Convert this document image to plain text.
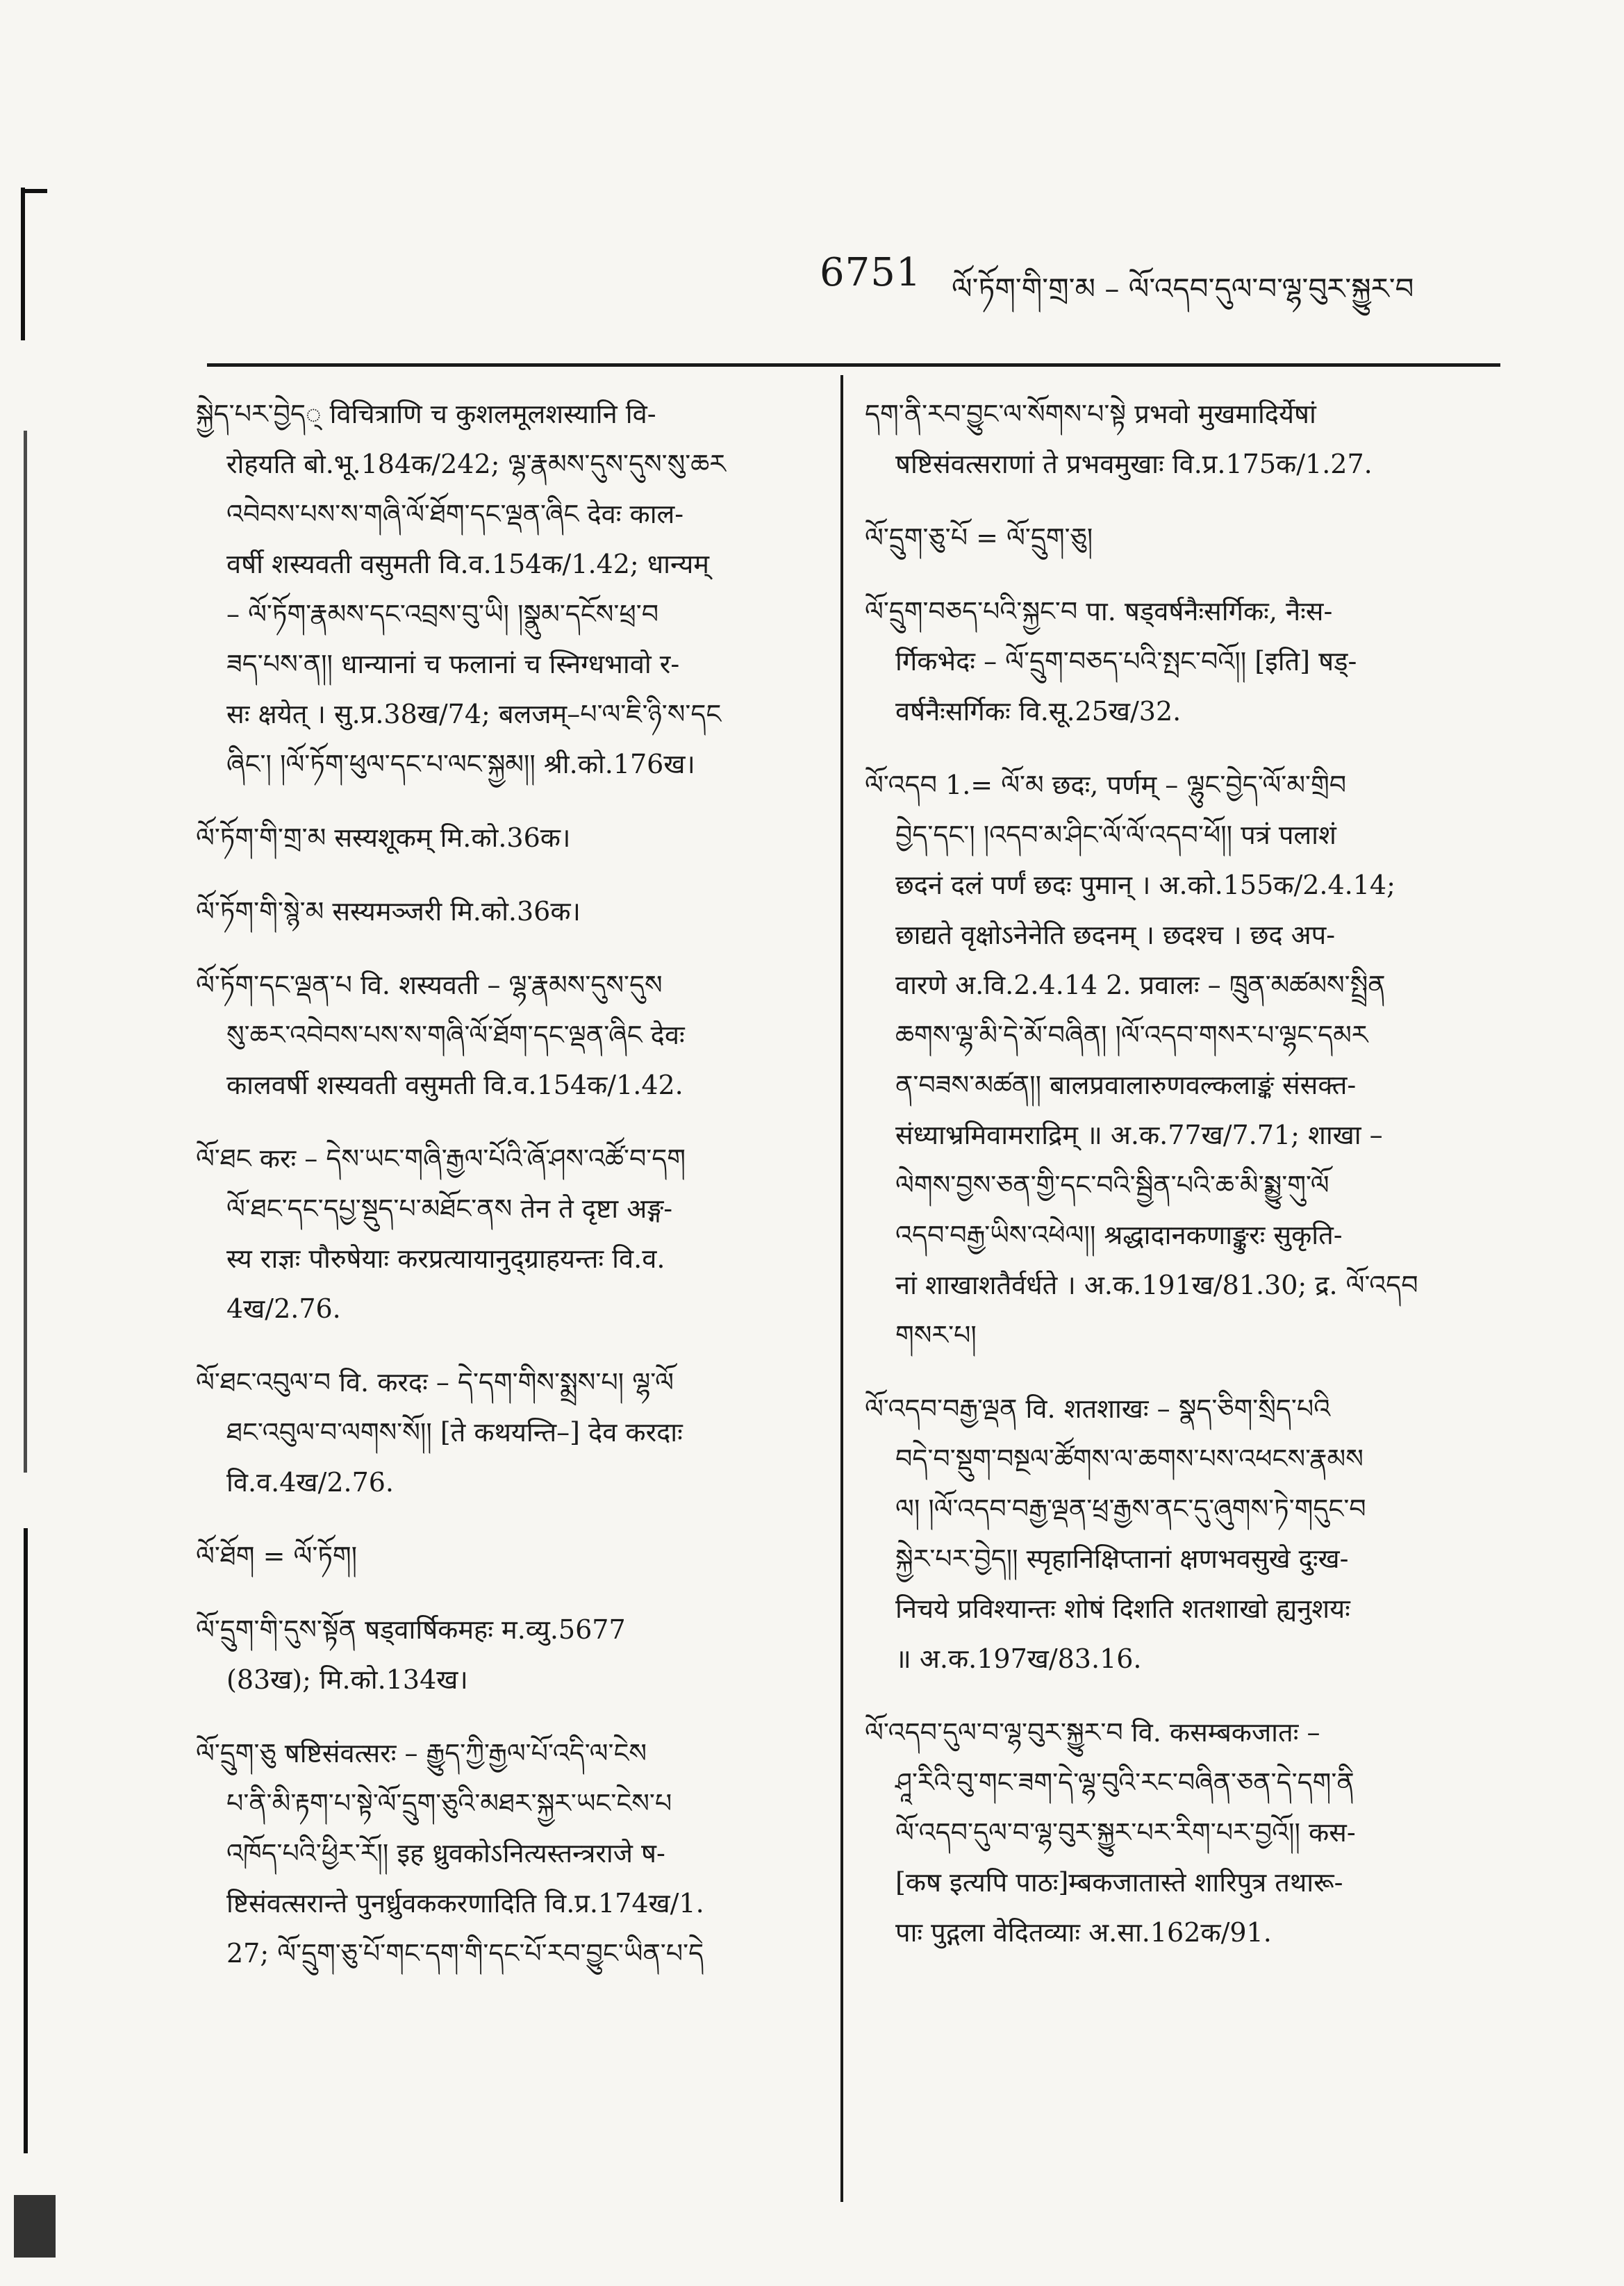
6751 ལོ་ཏོག་གི་གྲ་མ – ལོ་འདབ་དུལ་བ་ལྷ་བུར་སྐྱུར་བ

སྐྱེད་པར་བྱེད् विचित्राणि च कुशलमूलशस्यानि वि-
रोहयति बो.भू.184क/242; ལྷ་རྣམས་དུས་དུས་སུ་ཆར
འབེབས་པས་ས་གཞི་ལོ་ཐོག་དང་ལྡན་ཞིང देवः काल-
वर्षी शस्यवती वसुमती वि.व.154क/1.42; धान्यम्
– ལོ་ཏོག་རྣམས་དང་འབྲས་བུ་ཡི། །སྣུམ་དངོས་ཕྲ་བ
ཟད་པས་ན།། धान्यानां च फलानां च स्निग्धभावो र-
सः क्षयेत् । सु.प्र.38ख/74; बलजम्–པ་ལ་ཇི་ཉི་ས་དང
ཞིང་། །ལོ་ཏོག་ཕུལ་དང་པ་ལང་སྐྱམ།། श्री.को.176ख।

ལོ་ཏོག་གི་གྲ་མ सस्यशूकम् मि.को.36क।

ལོ་ཏོག་གི་སྙེ་མ सस्यमञ्जरी मि.को.36क।

ལོ་ཏོག་དང་ལྡན་པ वि. शस्यवती – ལྷ་རྣམས་དུས་དུས
སུ་ཆར་འབེབས་པས་ས་གཞི་ལོ་ཐོག་དང་ལྡན་ཞིང देवः
कालवर्षी शस्यवती वसुमती वि.व.154क/1.42.

ལོ་ཐང करः – དེས་ཡང་གཞི་རྒྱལ་པོའི་ཞོ་ཤས་འཚོ་བ་དག
ལོ་ཐང་དང་དཔྱ་སྡུད་པ་མཐོང་ནས तेन ते दृष्टा अङ्ग-
स्य राज्ञः पौरुषेयाः करप्रत्यायानुद्ग्राहयन्तः वि.व.
4ख/2.76.

ལོ་ཐང་འབུལ་བ वि. करदः – དེ་དག་གིས་སྨྲས་པ། ལྷ་ལོ
ཐང་འབུལ་བ་ལགས་སོ།། [ते कथयन्ति–] देव करदाः
वि.व.4ख/2.76.

ལོ་ཐོག = ལོ་ཏོག།

ལོ་དྲུག་གི་དུས་སྟོན षड्वार्षिकमहः म.व्यु.5677
(83ख); मि.को.134ख।

ལོ་དྲུག་ཅུ षष्टिसंवत्सरः – རྒྱུད་ཀྱི་རྒྱལ་པོ་འདི་ལ་ངེས
པ་ནི་མི་རྟག་པ་སྟེ་ལོ་དྲུག་ཅུའི་མཐར་སྐྱར་ཡང་ངེས་པ
འཁོད་པའི་ཕྱིར་རོ།། इह ध्रुवकोऽनित्यस्तन्त्रराजे ष-
ष्टिसंवत्सरान्ते पुनर्ध्रुवककरणादिति वि.प्र.174ख/1.
27; ལོ་དྲུག་ཅུ་པོ་གང་དག་གི་དང་པོ་རབ་བྱུང་ཡིན་པ་དེ

དག་ནི་རབ་བྱུང་ལ་སོགས་པ་སྟེ प्रभवो मुखमादिर्येषां
षष्टिसंवत्सराणां ते प्रभवमुखाः वि.प्र.175क/1.27.

ལོ་དྲུག་ཅུ་པོ = ལོ་དྲུག་ཅུ།

ལོ་དྲུག་བཅད་པའི་སྐྱང་བ पा. षड्वर्षनैःसर्गिकः, नैःस-
र्गिकभेदः – ལོ་དྲུག་བཅད་པའི་སྤང་བའོ།། [इति] षड्-
वर्षनैःसर्गिकः वि.सू.25ख/32.

ལོ་འདབ 1.= ལོ་མ छदः, पर्णम् – ལྷུང་བྱེད་ལོ་མ་གྲིབ
བྱེད་དང་། །འདབ་མ་ཤིང་ལོ་ལོ་འདབ་ཕོ།། पत्रं पलाशं
छदनं दलं पर्णं छदः पुमान् । अ.को.155क/2.4.14;
छाद्यते वृक्षोऽनेनेति छदनम् । छदश्च । छद अप-
वारणे अ.वि.2.4.14 2. प्रवालः – ཁྲུན་མཚམས་སྤྲིན
ཆགས་ལྷ་མི་དེ་མོ་བཞིན། །ལོ་འདབ་གསར་པ་ལྷང་དམར
ན་བཟས་མཚན།། बालप्रवालारुणवल्कलाङ्कं संसक्त-
संध्याभ्रमिवामराद्रिम् ॥ अ.क.77ख/7.71; शाखा –
ལེགས་བྱས་ཅན་གྱི་དང་བའི་སྦྱིན་པའི་ཆ་མི་སྨྱུ་གུ་ལོ
འདབ་བརྒྱ་ཡིས་འཕེལ།། श्रद्धादानकणाङ्कुरः सुकृति-
नां शाखाशतैर्वर्धते । अ.क.191ख/81.30; द्र. ལོ་འདབ
གསར་པ།

ལོ་འདབ་བརྒྱ་ལྡན वि. शतशाखः – སྣད་ཅིག་སྲིད་པའི
བདེ་བ་སྡུག་བསྔལ་ཚོགས་ལ་ཆགས་པས་འཕངས་རྣམས
ལ། །ལོ་འདབ་བརྒྱ་ལྡན་ཕྲ་རྒྱས་ནང་དུ་ཞུགས་ཏེ་གདུང་བ
སྐྱེར་པར་བྱེད།། स्पृहानिक्षिप्तानां क्षणभवसुखे दुःख-
निचये प्रविश्यान्तः शोषं दिशति शतशाखो ह्यनुशयः
॥ अ.क.197ख/83.16.

ལོ་འདབ་དུལ་བ་ལྷ་བུར་སྐྱུར་བ वि. कसम्बकजातः –
ཤཱ་རིའི་བུ་གང་ཟག་དེ་ལྷ་བུའི་རང་བཞིན་ཅན་དེ་དག་ནི
ལོ་འདབ་དུལ་བ་ལྷ་བུར་སྐྱུར་པར་རིག་པར་བྱའོ།། कस-
[कष इत्यपि पाठः]म्बकजातास्ते शारिपुत्र तथारू-
पाः पुद्गला वेदितव्याः अ.सा.162क/91.
